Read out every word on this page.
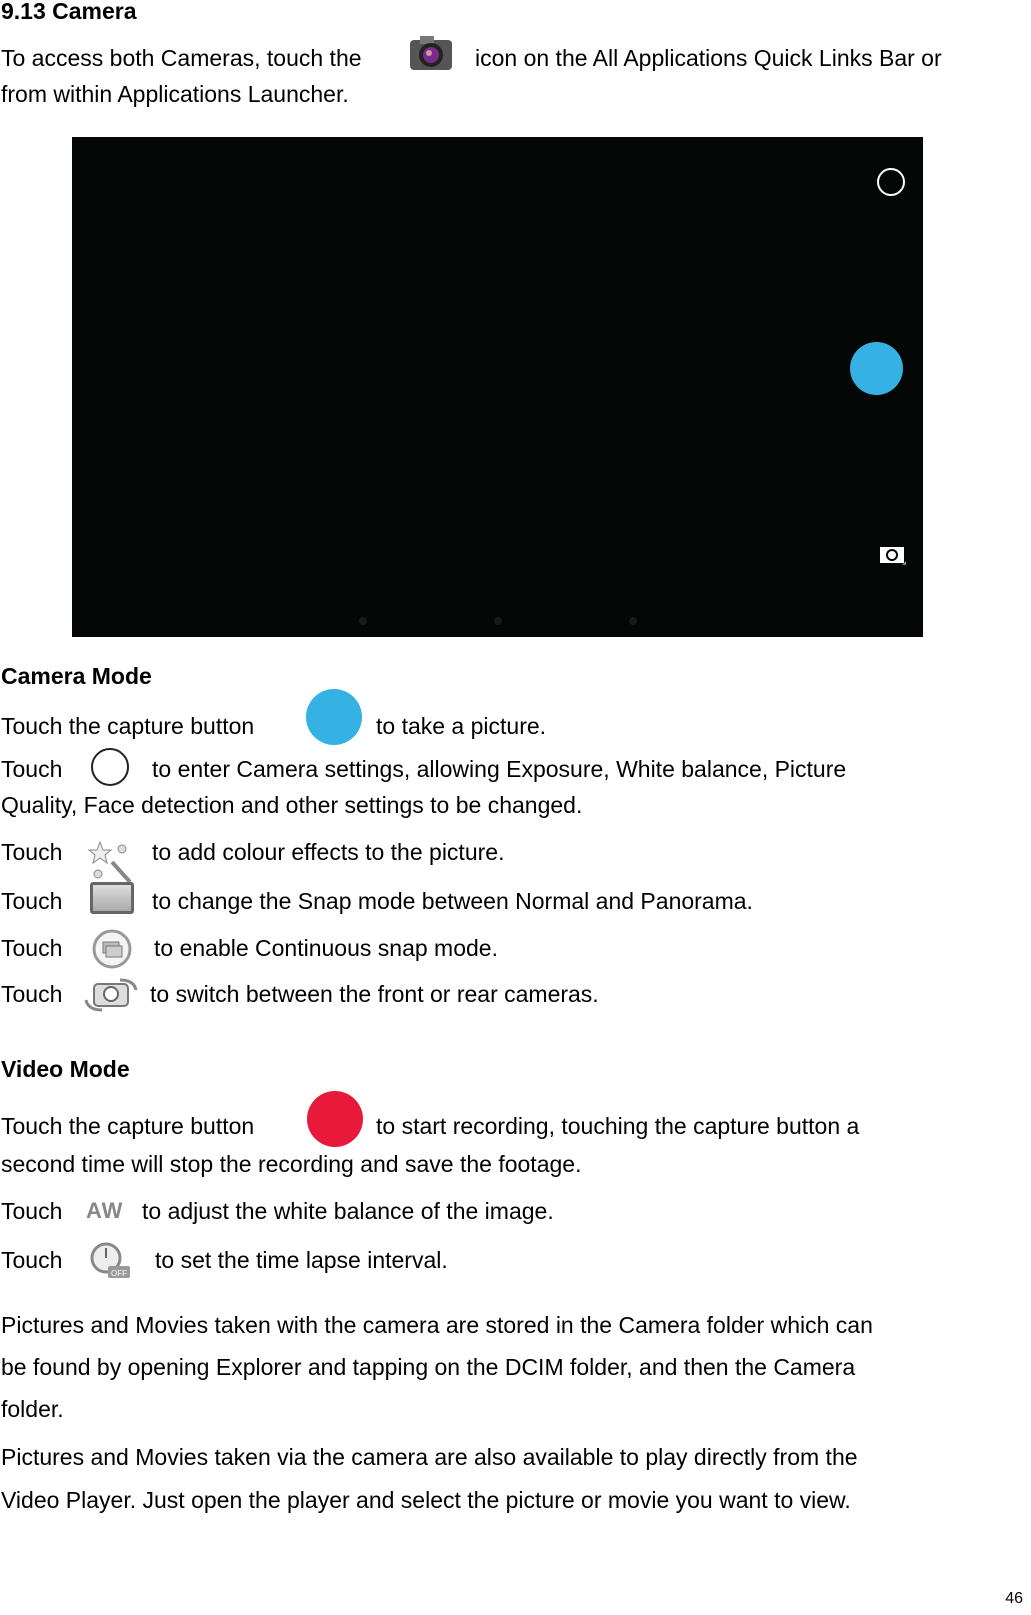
9.13 Camera
To access both Cameras, touch the	icon on the All Applications Quick Links Bar or
from within Applications Launcher.
Camera Mode
Touch the capture button	to take a picture.
Touch	to enter Camera settings, allowing Exposure, White balance, Picture
Quality, Face detection and other settings to be changed.
Touch	to add colour effects to the picture.
Touch	to change the Snap mode between Normal and Panorama.
Touch	to enable Continuous snap mode.
Touch	to switch between the front or rear cameras.
Video Mode
Touch the capture button	to start recording, touching the capture button a
second time will stop the recording and save the footage.
Touch AW to adjust the white balance of the image.
Touch
OFF
to set the time lapse interval.
Pictures and Movies taken with the camera are stored in the Camera folder which can
be found by opening Explorer and tapping on the DCIM folder, and then the Camera
folder.
Pictures and Movies taken via the camera are also available to play directly from the
Video Player. Just open the player and select the picture or movie you want to view.
46
